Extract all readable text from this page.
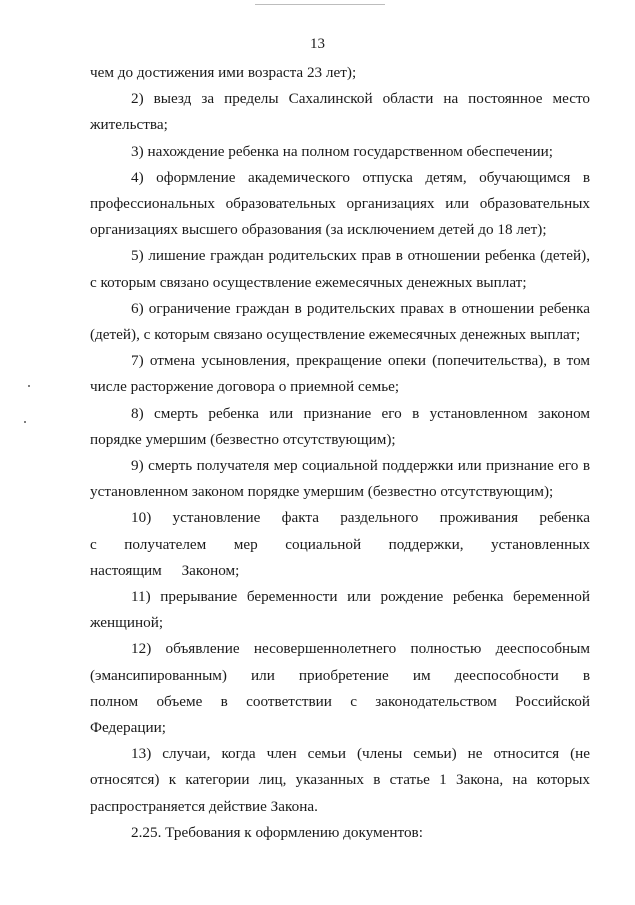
13

чем до достижения ими возраста 23 лет);

2) выезд за пределы Сахалинской области на постоянное место жительства;

3) нахождение ребенка на полном государственном обеспечении;

4) оформление академического отпуска детям, обучающимся в профессиональных образовательных организациях или образовательных организациях высшего образования (за исключением детей до 18 лет);

5) лишение граждан родительских прав в отношении ребенка (детей), с которым связано осуществление ежемесячных денежных выплат;

6) ограничение граждан в родительских правах в отношении ребенка (детей), с которым связано осуществление ежемесячных денежных выплат;

7) отмена усыновления, прекращение опеки (попечительства), в том числе расторжение договора о приемной семье;

8) смерть ребенка или признание его в установленном законом порядке умершим (безвестно отсутствующим);

9) смерть получателя мер социальной поддержки или признание его в установленном законом порядке умершим (безвестно отсутствующим);

10) установление факта раздельного проживания ребенка с получателем мер социальной поддержки, установленных настоящим Законом;

11) прерывание беременности или рождение ребенка беременной женщиной;

12) объявление несовершеннолетнего полностью дееспособным (эмансипированным) или приобретение им дееспособности в полном объеме в соответствии с законодательством Российской Федерации;

13) случаи, когда член семьи (члены семьи) не относится (не относятся) к категории лиц, указанных в статье 1 Закона, на которых распространяется действие Закона.

2.25. Требования к оформлению документов:
